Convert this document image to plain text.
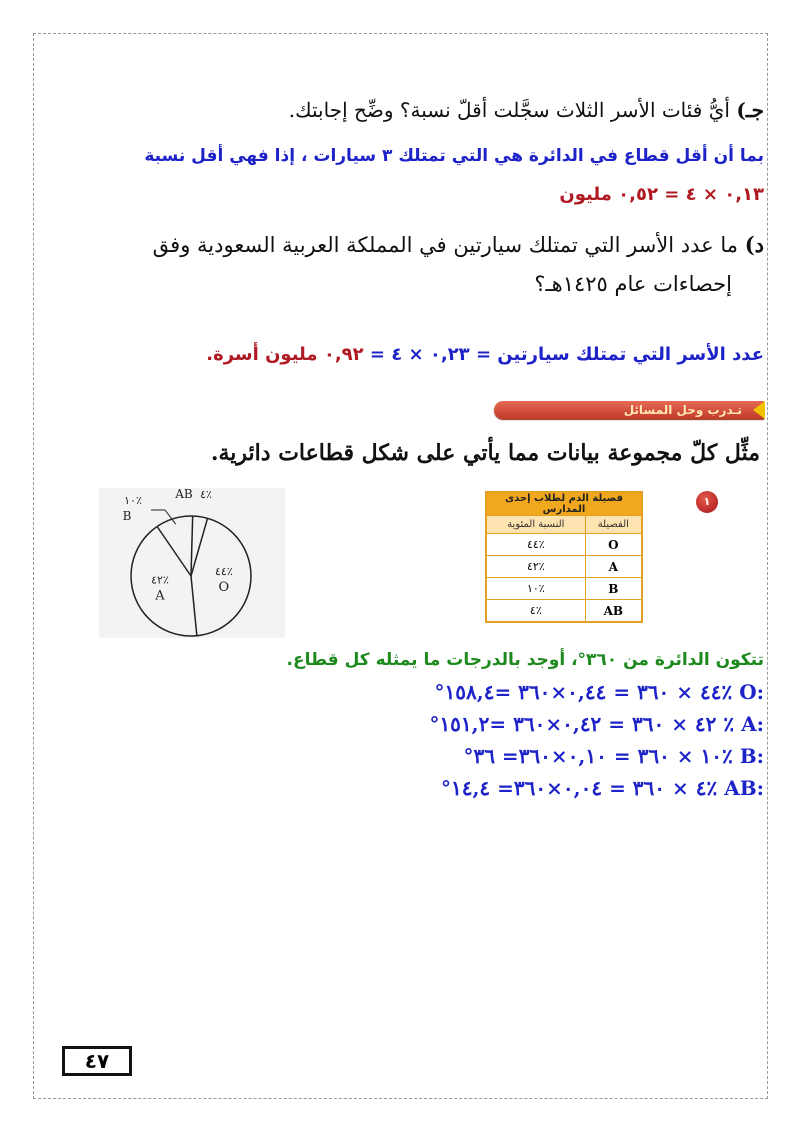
جـ) أيُّ فئات الأسر الثلاث سجَّلت أقلّ نسبة؟ وضِّح إجابتك.
بما أن أقل قطاع في الدائرة هي التي تمتلك ٣ سيارات ، إذا فهي أقل نسبة
٠,١٣ × ٤ = ٠,٥٢ مليون
د) ما عدد الأسر التي تمتلك سيارتين في المملكة العربية السعودية وفق
إحصاءات عام ١٤٢٥هـ؟
عدد الأسر التي تمتلك سيارتين = ٠,٢٣ × ٤ = ٠,٩٢ مليون أسرة.
تـدرب وحل المسائل
مثِّل كلّ مجموعة بيانات مما يأتي على شكل قطاعات دائرية.
١
فصيلة الدم لطلاب إحدى المدارس	
النسبة المئوية	الفصيلة
٪٤٤	O
٪٤٢	A
٪١٠	B
٪٤	AB
٪٤٤
O
٪٤٢
A
٪١٠
B
AB ٪٤
تتكون الدائرة من ٣٦٠°، أوجد بالدرجات ما يمثله كل قطاع.
O: ٪٤٤ × ٣٦٠ = ٠,٤٤×٣٦٠ =١٥٨,٤°
A: ٪ ٤٢ × ٣٦٠ = ٠,٤٢×٣٦٠ =١٥١,٢°
B: ٪١٠ × ٣٦٠ = ٠,١٠×٣٦٠= ٣٦°
AB: ٪٤ × ٣٦٠ = ٠,٠٤×٣٦٠= ١٤,٤°
٤٧
